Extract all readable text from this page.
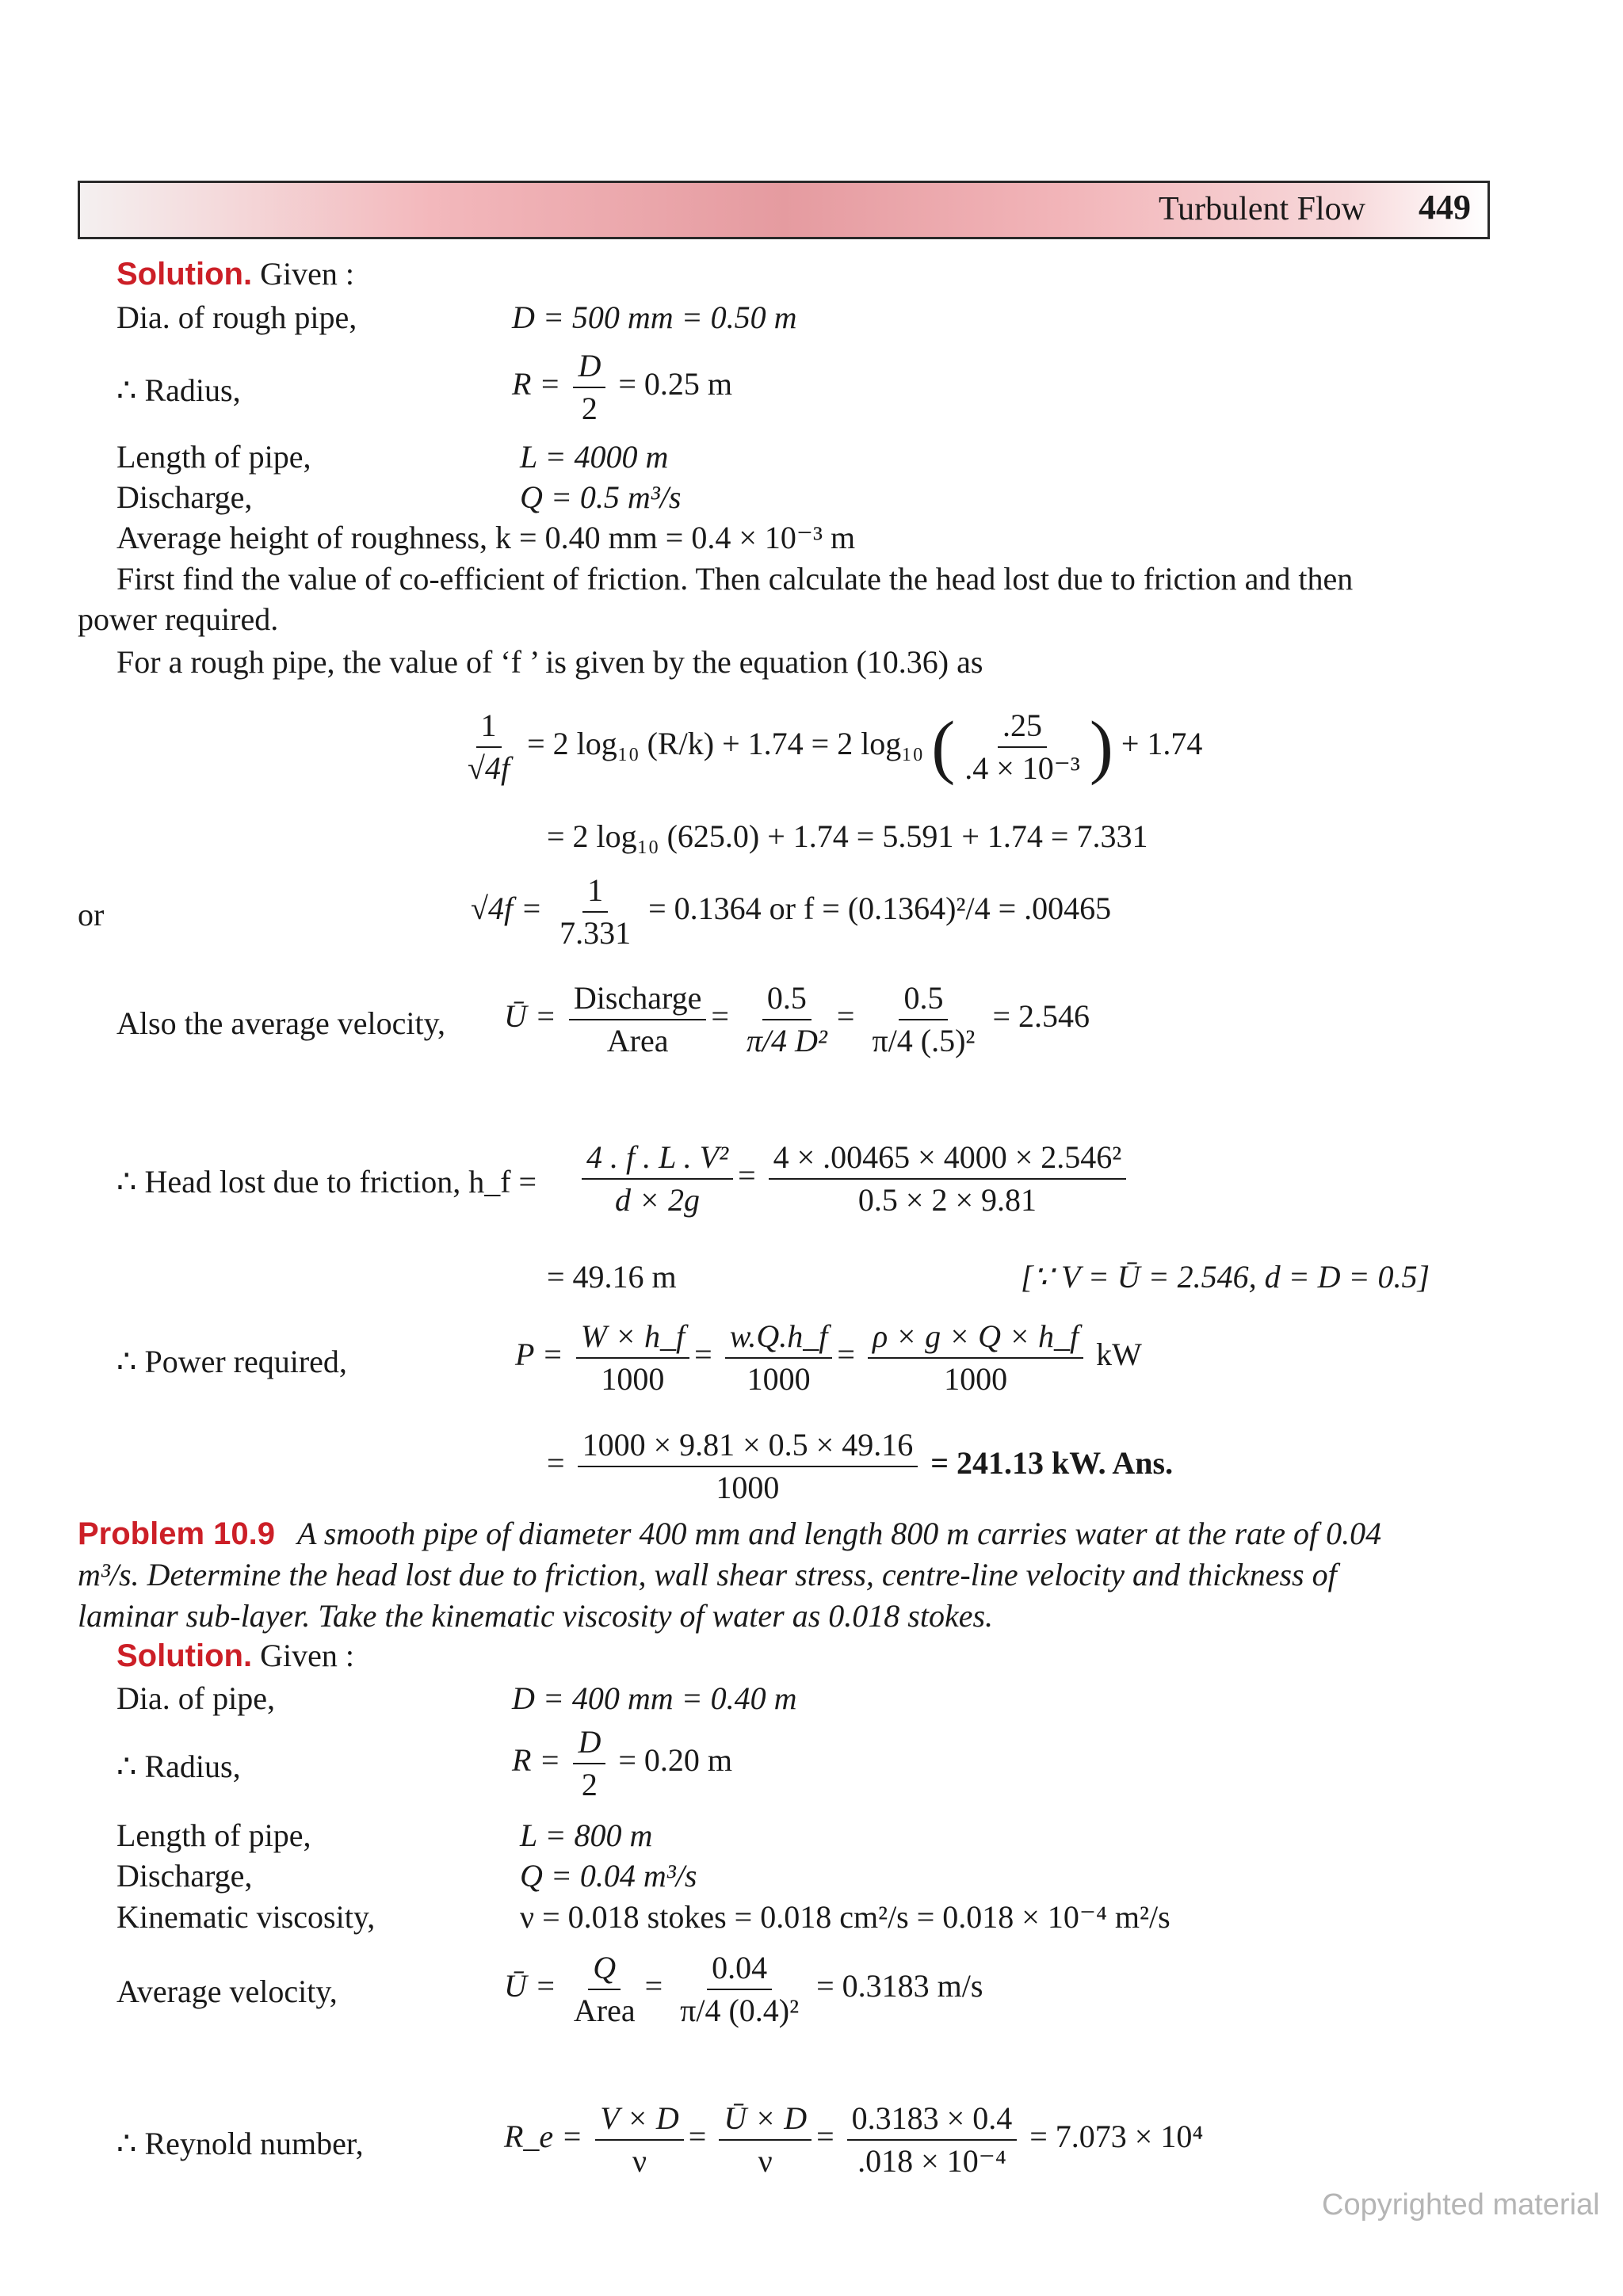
Turbulent Flow 449
Solution. Given :
Dia. of rough pipe,	D = 500 mm = 0.50 m
∴ Radius,	$R = \frac{D}{2} = 0.25$ m
Length of pipe,	L = 4000 m
Discharge,	Q = 0.5 m³/s
Average height of roughness, k = 0.40 mm = 0.4 × 10⁻³ m
First find the value of co-efficient of friction. Then calculate the head lost due to friction and then
power required.
For a rough pipe, the value of ‘f ’ is given by the equation (10.36) as
$\frac{1}{√4f} = 2$ log₁₀ (R/k) + 1.74 = 2 log₁₀ ( $\frac{.25}{\text{.4 × 10⁻³}}$ ) + 1.74
= 2 log₁₀ (625.0) + 1.74 = 5.591 + 1.74 = 7.331
or	$√4f = \frac{1}{7.331} = 0.1364$ or f = (0.1364)²/4 = .00465
Also the average velocity, Ū = $\frac{\text{Discharge}}{\text{Area}} = \frac{0.5}{\text{π/4 D²}} = \frac{0.5}{\text{π/4 (.5)²}} = 2.546$
∴ Head lost due to friction, h_f = $\frac{\text{4 . f . L . V²}}{d \times 2g} = \frac{\text{4 × .00465 × 4000 × 2.546²}}{0.5 \times 2 \times 9.81}$
= 49.16 m	[∵ V = Ū = 2.546, d = D = 0.5]
∴ Power required,	$P = \frac{W \times h\_f}{1000} = \frac{w.Q.h\_f}{1000} = \frac{\rho \times g \times Q \times h\_f}{1000}$ kW
= $\frac{1000 \times 9.81 \times 0.5 \times 49.16}{1000} = 241.13$ kW. Ans.
Problem 10.9 A smooth pipe of diameter 400 mm and length 800 m carries water at the rate of 0.04
m³/s. Determine the head lost due to friction, wall shear stress, centre-line velocity and thickness of
laminar sub-layer. Take the kinematic viscosity of water as 0.018 stokes.
Solution. Given :
Dia. of pipe,	D = 400 mm = 0.40 m
∴ Radius,	$R = \frac{D}{2} = 0.20$ m
Length of pipe,	L = 800 m
Discharge,	Q = 0.04 m³/s
Kinematic viscosity,	ν = 0.018 stokes = 0.018 cm²/s = 0.018 × 10⁻⁴ m²/s
Average velocity,	Ū = $\frac{Q}{\text{Area}} = \frac{0.04}{\text{π/4 (0.4)²}} = 0.3183$ m/s
∴ Reynold number,	R_e = $\frac{V \times D}{\nu} = \frac{Ū \times D}{\nu} = \frac{0.3183 \times 0.4}{\text{.018 × 10⁻⁴}} = 7.073 \times 10^4$
Copyrighted material
